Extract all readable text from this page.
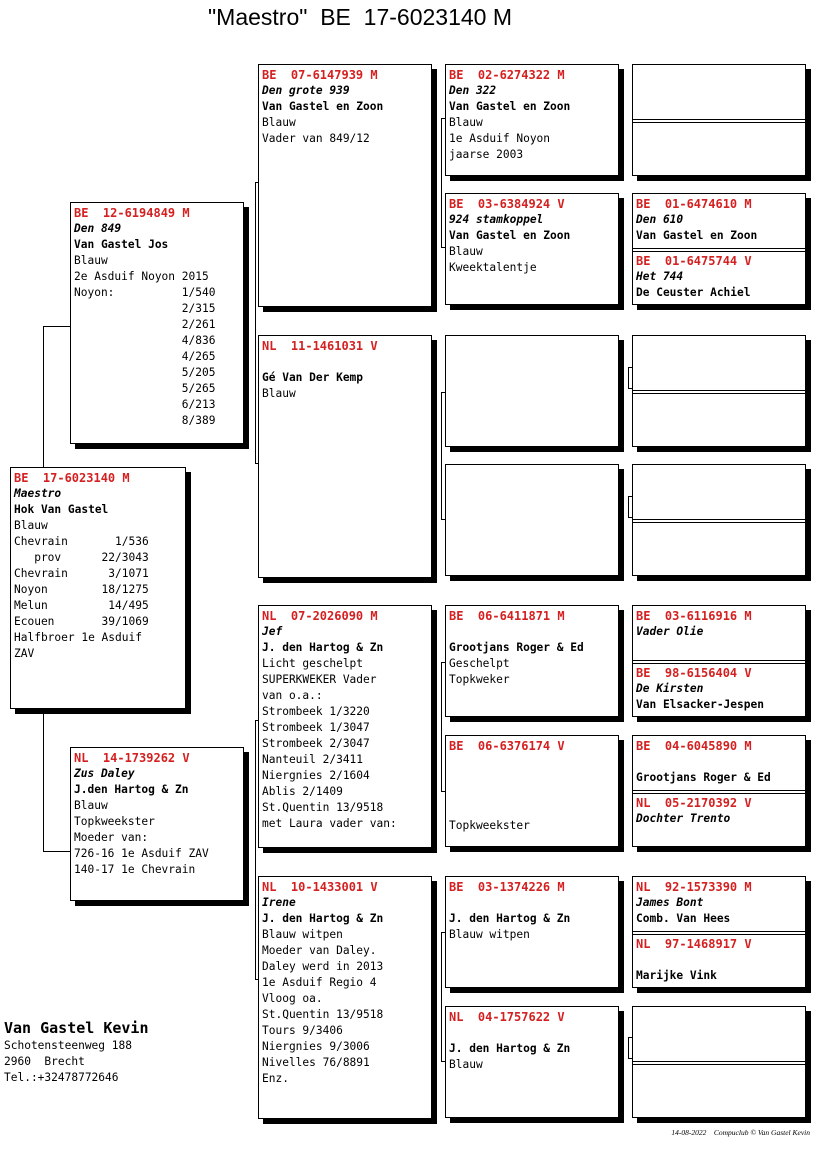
"Maestro"  BE  17-6023140 M
BE  17-6023140 M
Maestro
Hok Van Gastel
Blauw
Chevrain       1/536
prov      22/3043
Chevrain      3/1071
Noyon        18/1275
Melun         14/495
Ecouen       39/1069
Halfbroer 1e Asduif
ZAV
BE  12-6194849 M
Den 849
Van Gastel Jos
Blauw
2e Asduif Noyon 2015
Noyon:          1/540
2/315
2/261
4/836
4/265
5/205
5/265
6/213
8/389
NL  14-1739262 V
Zus Daley
J.den Hartog & Zn
Blauw
Topkweekster
Moeder van:
726-16 1e Asduif ZAV
140-17 1e Chevrain
BE  07-6147939 M
Den grote 939
Van Gastel en Zoon
Blauw
Vader van 849/12
NL  11-1461031 V

Gé Van Der Kemp
Blauw
NL  07-2026090 M
Jef
J. den Hartog & Zn
Licht geschelpt
SUPERKWEKER Vader
van o.a.:
Strombeek 1/3220
Strombeek 1/3047
Strombeek 2/3047
Nanteuil 2/3411
Niergnies 2/1604
Ablis 2/1409
St.Quentin 13/9518
met Laura vader van:
NL  10-1433001 V
Irene
J. den Hartog & Zn
Blauw witpen
Moeder van Daley.
Daley werd in 2013
1e Asduif Regio 4
Vloog oa.
St.Quentin 13/9518
Tours 9/3406
Niergnies 9/3006
Nivelles 76/8891
Enz.
BE  02-6274322 M
Den 322
Van Gastel en Zoon
Blauw
1e Asduif Noyon
jaarse 2003
BE  03-6384924 V
924 stamkoppel
Van Gastel en Zoon
Blauw
Kweektalentje
BE  06-6411871 M

Grootjans Roger & Ed
Geschelpt
Topkweker
BE  06-6376174 V

Topkweekster
BE  03-1374226 M

J. den Hartog & Zn
Blauw witpen
NL  04-1757622 V

J. den Hartog & Zn
Blauw
BE  01-6474610 M
Den 610
Van Gastel en Zoon
BE  01-6475744 V
Het 744
De Ceuster Achiel
BE  03-6116916 M
Vader Olie
BE  98-6156404 V
De Kirsten
Van Elsacker-Jespen
BE  04-6045890 M

Grootjans Roger & Ed
NL  05-2170392 V
Dochter Trento
NL  92-1573390 M
James Bont
Comb. Van Hees
NL  97-1468917 V

Marijke Vink
Van Gastel Kevin
Schotensteenweg 188
2960  Brecht
Tel.:+32478772646
14-08-2022    Compuclub © Van Gastel Kevin
